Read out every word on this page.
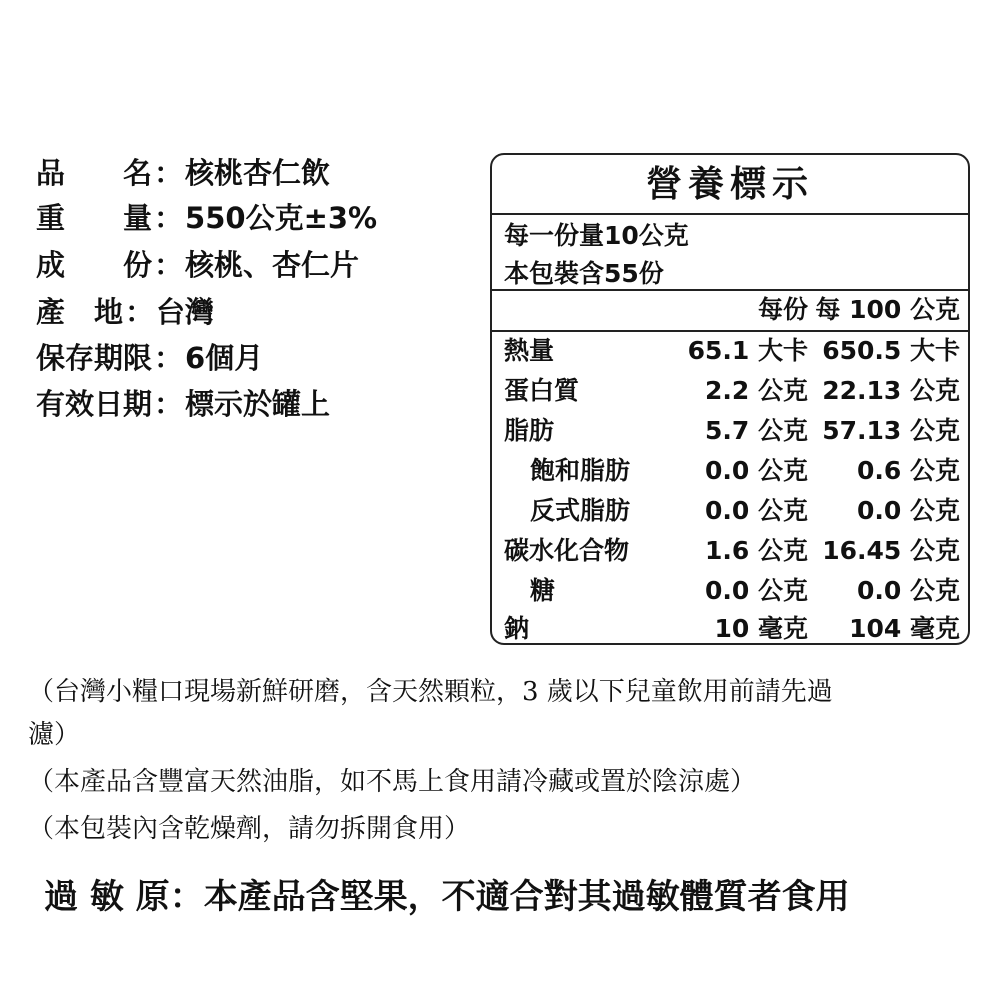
品　　名：核桃杏仁飲
重　　量：550公克±3%
成　　份：核桃、杏仁片
產　地：台灣
保存期限：6個月
有效日期：標示於罐上
營養標示
每一份量10公克
本包裝含55份
每份 每 100 公克
熱量	65.1 大卡 650.5 大卡
蛋白質	2.2 公克 22.13 公克
脂肪	5.7 公克 57.13 公克
飽和脂肪	0.0 公克 0.6 公克
反式脂肪	0.0 公克 0.0 公克
碳水化合物	1.6 公克 16.45 公克
糖	0.0 公克 0.0 公克
鈉	10 毫克 104 毫克
（台灣小糧口現場新鮮研磨，含天然顆粒，3 歲以下兒童飲用前請先過
濾）
（本產品含豐富天然油脂，如不馬上食用請冷藏或置於陰涼處）
（本包裝內含乾燥劑，請勿拆開食用）
過 敏 原：本產品含堅果，不適合對其過敏體質者食用
